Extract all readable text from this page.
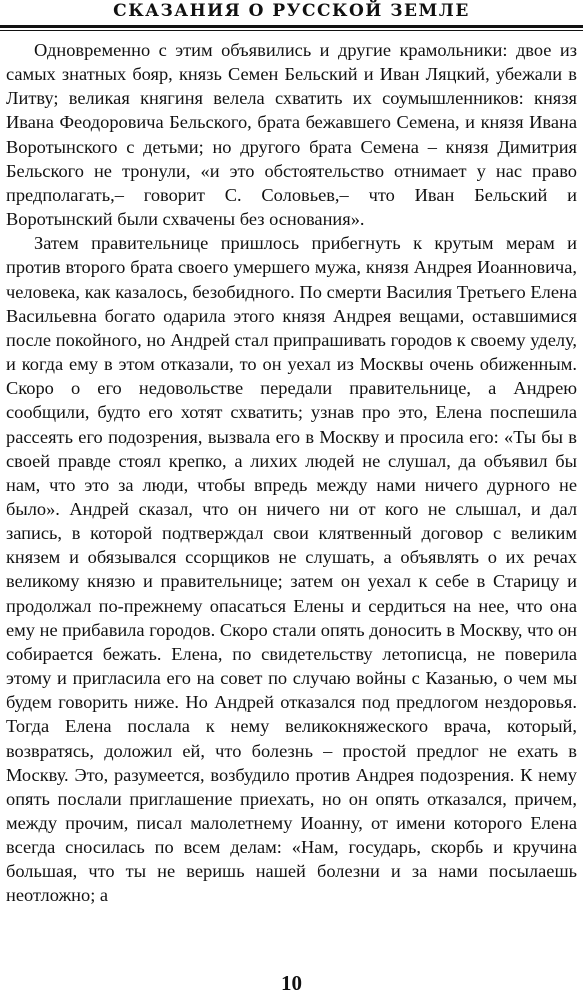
СКАЗАНИЯ О РУССКОЙ ЗЕМЛЕ

Одновременно с этим объявились и другие крамольники: двое из самых знатных бояр, князь Семен Бельский и Иван Ляцкий, убежали в Литву; великая княгиня велела схватить их соумышленников: князя Ивана Феодоровича Бельского, брата бежавшего Семена, и князя Ивана Воротынского с детьми; но другого брата Семена – князя Димитрия Бельского не тронули, «и это обстоятельство отнимает у нас право предполагать,– говорит С. Соловьев,– что Иван Бельский и Воротынский были схвачены без основания».

Затем правительнице пришлось прибегнуть к крутым мерам и против второго брата своего умершего мужа, князя Андрея Иоанновича, человека, как казалось, безобидного. По смерти Василия Третьего Елена Васильевна богато одарила этого князя Андрея вещами, оставшимися после покойного, но Андрей стал припрашивать городов к своему уделу, и когда ему в этом отказали, то он уехал из Москвы очень обиженным. Скоро о его недовольстве передали правительнице, а Андрею сообщили, будто его хотят схватить; узнав про это, Елена поспешила рассеять его подозрения, вызвала его в Москву и просила его: «Ты бы в своей правде стоял крепко, а лихих людей не слушал, да объявил бы нам, что это за люди, чтобы впредь между нами ничего дурного не было». Андрей сказал, что он ничего ни от кого не слышал, и дал запись, в которой подтверждал свои клятвенный договор с великим князем и обязывался ссорщиков не слушать, а объявлять о их речах великому князю и правительнице; затем он уехал к себе в Старицу и продолжал по-прежнему опасаться Елены и сердиться на нее, что она ему не прибавила городов. Скоро стали опять доносить в Москву, что он собирается бежать. Елена, по свидетельству летописца, не поверила этому и пригласила его на совет по случаю войны с Казанью, о чем мы будем говорить ниже. Но Андрей отказался под предлогом нездоровья. Тогда Елена послала к нему великокняжеского врача, который, возвратясь, доложил ей, что болезнь – простой предлог не ехать в Москву. Это, разумеется, возбудило против Андрея подозрения. К нему опять послали приглашение приехать, но он опять отказался, причем, между прочим, писал малолетнему Иоанну, от имени которого Елена всегда сносилась по всем делам: «Нам, государь, скорбь и кручина большая, что ты не веришь нашей болезни и за нами посылаешь неотложно; а

10
